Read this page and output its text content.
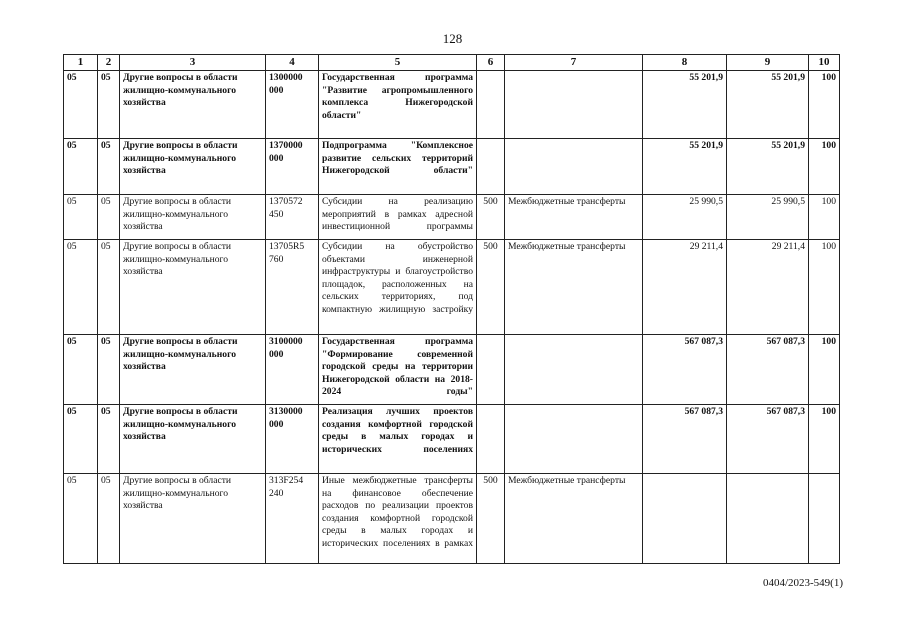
128
1	2	3	4	5	6	7	8	9	10
05	05	Другие вопросы в области жилищно-коммунального хозяйства	1300000 000	Государственная программа "Развитие агропромышленного комплекса Нижегородской области"			55 201,9	55 201,9	100
05	05	Другие вопросы в области жилищно-коммунального хозяйства	1370000 000	Подпрограмма "Комплексное развитие сельских территорий Нижегородской области"			55 201,9	55 201,9	100
05	05	Другие вопросы в области жилищно-коммунального хозяйства	1370572 450	Субсидии на реализацию мероприятий в рамках адресной инвестиционной программы	500	Межбюджетные трансферты	25 990,5	25 990,5	100
05	05	Другие вопросы в области жилищно-коммунального хозяйства	13705R5 760	Субсидии на обустройство объектами инженерной инфраструктуры и благоустройство площадок, расположенных на сельских территориях, под компактную жилищную застройку	500	Межбюджетные трансферты	29 211,4	29 211,4	100
05	05	Другие вопросы в области жилищно-коммунального хозяйства	3100000 000	Государственная программа "Формирование современной городской среды на территории Нижегородской области на 2018-2024 годы"			567 087,3	567 087,3	100
05	05	Другие вопросы в области жилищно-коммунального хозяйства	3130000 000	Реализация лучших проектов создания комфортной городской среды в малых городах и исторических поселениях			567 087,3	567 087,3	100
05	05	Другие вопросы в области жилищно-коммунального хозяйства	313F254 240	Иные межбюджетные трансферты на финансовое обеспечение расходов по реализации проектов создания комфортной городской среды в малых городах и исторических поселениях в рамках	500	Межбюджетные трансферты			
0404/2023-549(1)
